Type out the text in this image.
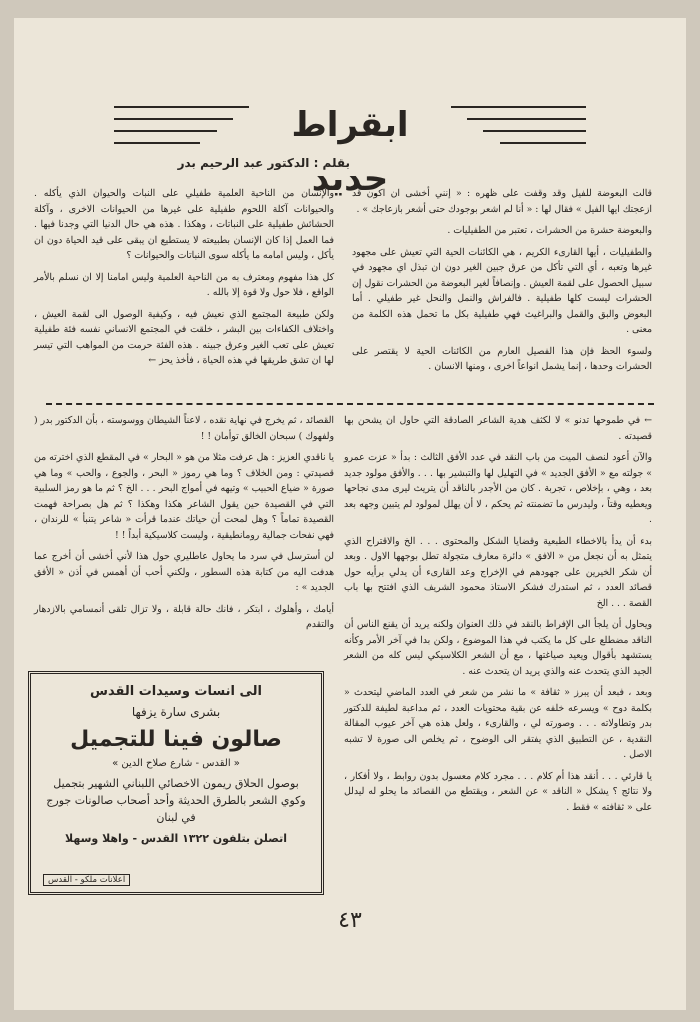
ابقراط جديد
بقلم : الدكتور عبد الرحيم بدر

قالت البعوضة للفيل وقد وقفت على ظهره : « إنني أخشى ان اكون قد ازعجتك ايها الفيل » فقال لها : « أنا لم اشعر بوجودك حتى أشعر بازعاجك » .

والبعوضة حشرة من الحشرات ، تعتبر من الطفيليات .

والطفيليات ، أيها القارىء الكريم ، هي الكائنات الحية التي تعيش على مجهود غيرها وتعبه ، أي التي تأكل من عرق جبين الغير دون ان تبذل اي مجهود في سبيل الحصول على لقمة العيش . وإنصافاً لغير البعوضة من الحشرات نقول إن الحشرات ليست كلها طفيلية . فالفراش والنمل والنحل غير طفيلي . أما البعوض والبق والقمل والبراغيث فهي طفيلية بكل ما تحمل هذه الكلمة من معنى .

ولسوء الحظ فإن هذا الفصيل العارم من الكائنات الحية لا يقتصر على الحشرات وحدها ، إنما يشمل انواعاً اخرى ، ومنها الانسان .

والإنسان من الناحية العلمية طفيلي على النبات والحيوان الذي يأكله . والحيوانات آكلة اللحوم طفيلية على غيرها من الحيوانات الاخرى ، وآكلة الحشائش طفيلية على النباتات ، وهكذا . هذه هي حال الدنيا التي وجدنا فيها . فما العمل إذا كان الإنسان بطبيعته لا يستطيع ان يبقى على قيد الحياة دون ان يأكل ، وليس امامه ما يأكله سوى النباتات والحيوانات ؟

كل هذا مفهوم ومعترف به من الناحية العلمية وليس امامنا إلا ان نسلم بالأمر الواقع ، فلا حول ولا قوة إلا بالله .

ولكن طبيعة المجتمع الذي نعيش فيه ، وكيفية الوصول الى لقمة العيش ، واختلاف الكفاءات بين البشر ، خلقت في المجتمع الانساني نفسه فئة طفيلية تعيش على تعب الغير وعرق جبينه . هذه الفئة حرمت من المواهب التي تيسر لها ان تشق طريقها في هذه الحياة ، فأخذ يحز ←

← في طموحها تدنو » لا لكثف هدية الشاعر الصادقة التي حاول ان يشحن بها قصيدته .

والآن أعود لنصف الميت من باب النقد في عدد الأفق الثالث : بدأ « عزت عمرو » جولته مع « الأفق الجديد » في التهليل لها والتبشير بها . . . والأفق مولود جديد بعد ، وهي ، بإخلاص ، تجربة . كان من الأجدر بالناقد أن يتريث ليرى مدى نجاحها ويعطيه وقتاً ، وليدرس ما تضمنته ثم يحكم ، لا أن يهلل لمولود لم يتبين وجهه بعد .

بدء أن يدأ بالاخطاء الطبعية وقضايا الشكل والمحتوى . . . الخ والاقتراح الذي يتمثل به أن نجعل من « الافق » دائرة معارف متجولة تطل بوجهها الاول . وبعد أن شكر الخيرين على جهودهم في الإخراج وعد القارىء أن يدلي برأيه حول قصائد العدد ، ثم استدرك فشكر الاستاذ محمود الشريف الذي افتتح بها باب القصة . . . الخ

ويحاول أن يلجأ الى الإفراط بالنقد في ذلك العنوان ولكنه يريد أن يقنع الناس أن الناقد مضطلع على كل ما يكتب في هذا الموضوع ، ولكن بدا في آخر الأمر وكأنه يستشهد بأقوال ويعيد صياغتها ، مع أن الشعر الكلاسيكي ليس كله من الشعر الجيد الذي يتحدث عنه والذي يريد ان يتحدث عنه .

وبعد ، فبعد أن يبرز « ثقافة » ما نشر من شعر في العدد الماضي ليتحدث « بكلمة دوح » ويسرعه خلفه عن بقية محتويات العدد ، ثم مداعبة لطيفة للدكتور بدر وتطاولاته . . . وصورته لي ، والقارىء ، ولعل هذه هي آخر عيوب المقالة النقدية ، عن التطبيق الذي يفتقر الى الوضوح ، ثم يخلص الى صورة لا تشبه الاصل .

يا قارئي . . . أنقد هذا أم كلام . . . مجرد كلام معسول بدون روابط ، ولا أفكار ، ولا نتائج ؟ يشكل « الناقد » عن الشعر ، ويقتطع من القصائد ما يحلو له ليدلل على « ثقافته » فقط .

القصائد ، ثم يخرج في نهاية نقده ، لاعناً الشيطان ووسوسته ، بأن الدكتور بدر ( ولفهوك ) سبحان الخالق توأمان ! !

يا ناقدي العزيز : هل عرفت مثلا من هو « البحار » في المقطع الذي اخترته من قصيدتي : ومن الخلاف ؟ وما هي رموز « البحر ، والجوع ، والحب » وما هي صورة « ضياع الحبيب » وتيهه في أمواج البحر . . . الخ ؟ ثم ما هو رمز السلبية التي في القصيدة حين يقول الشاعر هكذا وهكذا ؟ ثم هل بصراحة فهمت القصيدة تماماً ؟ وهل لمحت أن حياتك عندما قرأت « شاعر يتنبأ » للرندان ، فهي نفحات جمالية رومانطيقية ، وليست كلاسيكية أبداً ! !

لن أسترسل في سرد ما يحاول عاطليري حول هذا لأني أخشى أن أخرج عما هدفت اليه من كتابة هذه السطور ، ولكني أحب أن أهمس في أذن « الأفق الجديد » :

أيامك ، وأهلوك ، ابتكر ، فانك حالة قابلة ، ولا تزال تلقى أنمسامي بالازدهار والتقدم

الى انسات وسيدات القدس
بشرى سارة يزفها
صالون فينا للتجميل
« القدس - شارع صلاح الدين »
بوصول الحلاق ريمون الاخصائي اللبناني الشهير بتجميل وكوي الشعر بالطرق الحديثة وأحد أصحاب صالونات جورج في لبنان
اتصلن بتلفون ١٣٢٢ القدس - واهلا وسهلا
اعلانات ملكو - القدس
٤٣
